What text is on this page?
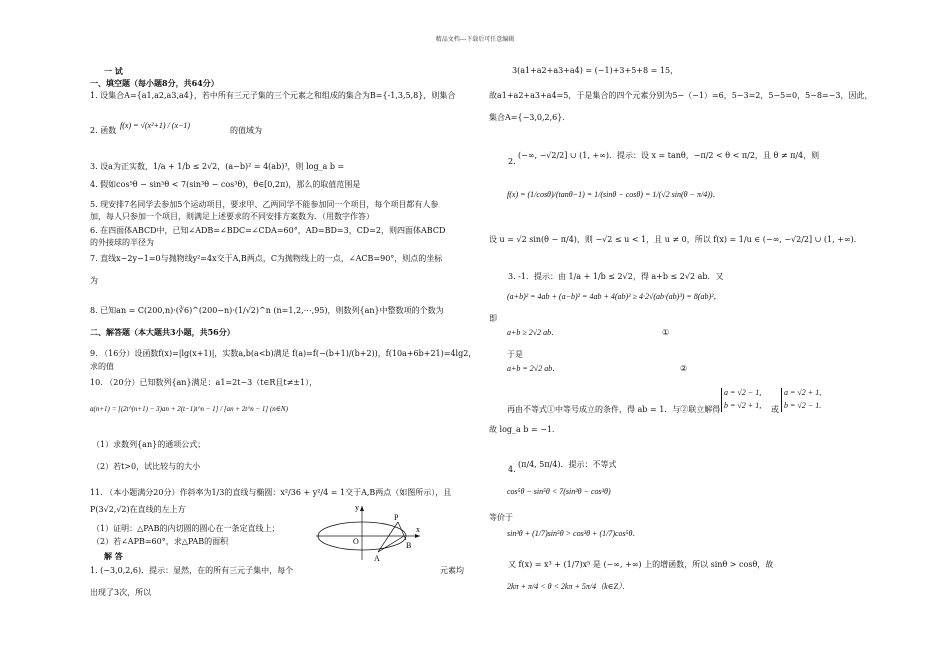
精品文档---下载后可任意编辑
一 试
一、填空题（每小题8分，共64分）
1. 设集合A={a1,a2,a3,a4}，若中所有三元子集的三个元素之和组成的集合为B={-1,3,5,8}，则集合
2. 函数
f(x) = √(x²+1) / (x−1)
的值域为
3. 设a为正实数，1/a + 1/b ≤ 2√2，(a−b)² = 4(ab)³，则 log_a b =
4. 假如cos⁵θ − sin⁵θ < 7(sin³θ − cos³θ)，θ∈[0,2π)，那么的取值范围是
5. 现安排7名同学去参加5个运动项目，要求甲、乙两同学不能参加同一个项目，每个项目都有人参
加，每人只参加一个项目，则满足上述要求的不同安排方案数为．（用数字作答）
6. 在四面体ABCD中，已知∠ADB=∠BDC=∠CDA=60°，AD=BD=3，CD=2，则四面体ABCD
的外接球的半径为
7. 直线x−2y−1=0与抛物线y²=4x交于A,B两点，C为抛物线上的一点，∠ACB=90°，则点的坐标
为
8. 已知an = C(200,n)·(∛6)^(200−n)·(1/√2)^n (n=1,2,⋯,95)，则数列{an}中整数项的个数为
二、解答题（本大题共3小题，共56分）
9. （16分）设函数f(x)=|lg(x+1)|，实数a,b(a<b)满足 f(a)=f(−(b+1)/(b+2))，f(10a+6b+21)=4lg2，
求的值
10. （20分）已知数列{an}满足：a1=2t−3（t∈R且t≠±1），
a(n+1) = [(2t^(n+1) − 3)an + 2(t−1)t^n − 1] / [an + 2t^n − 1] (n∈N)
（1）求数列{an}的通项公式；
（2）若t>0，试比较与的大小
11. （本小题满分20分）作斜率为1/3的直线与椭圆：x²/36 + y²/4 = 1交于A,B两点（如图所示），且
P(3√2,√2)在直线的左上方
（1）证明：△PAB的内切圆的圆心在一条定直线上；
（2）若∠APB=60°，求△PAB的面积
y
x
P
O
A
B
解 答
1. (−3,0,2,6)．提示：显然，在的所有三元子集中，每个	元素均
出现了3次，所以
3(a1+a2+a3+a4) = (−1)+3+5+8 = 15，
故a1+a2+a3+a4=5，于是集合的四个元素分别为5−（−1）=6，5−3=2，5−5=0，5−8=−3，因此，
集合A={−3,0,2,6}．
2.
(−∞, −√2/2] ∪ (1, +∞)．提示：设 x = tanθ，−π/2 < θ < π/2，且 θ ≠ π/4，则
f(x) = (1/cosθ)/(tanθ−1) = 1/(sinθ − cosθ) = 1/(√2 sin(θ − π/4))．
设 u = √2 sin(θ − π/4)，则 −√2 ≤ u < 1，且 u ≠ 0，所以 f(x) = 1/u ∈ (−∞, −√2/2] ∪ (1, +∞)．
3. -1．提示：由 1/a + 1/b ≤ 2√2，得 a+b ≤ 2√2 ab．又
(a+b)² = 4ab + (a−b)² = 4ab + 4(ab)³ ≥ 4·2√(ab·(ab)³) = 8(ab)²，
即
a+b ≥ 2√2 ab．	①
于是
a+b = 2√2 ab．	②
再由不等式①中等号成立的条件，得 ab = 1．与②联立解得
a = √2 − 1,
b = √2 + 1, 或
a = √2 + 1,
b = √2 − 1.
故 log_a b = −1．
4.
(π/4, 5π/4)．提示：不等式
cos⁵θ − sin⁵θ < 7(sin³θ − cos³θ)
等价于
sin³θ + (1/7)sin⁵θ > cos³θ + (1/7)cos⁵θ．
又 f(x) = x³ + (1/7)x⁵ 是 (−∞, +∞) 上的增函数，所以 sinθ > cosθ，故
2kπ + π/4 < θ < 2kπ + 5π/4（k∈Z）．
